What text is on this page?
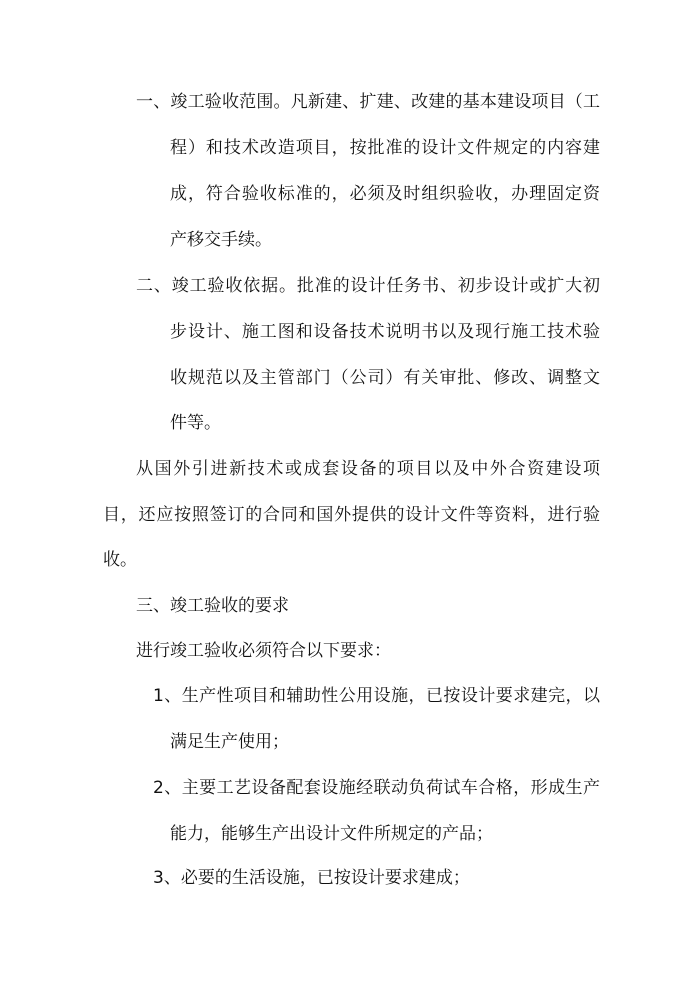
一、竣工验收范围。凡新建、扩建、改建的基本建设项目（工
程）和技术改造项目，按批准的设计文件规定的内容建
成，符合验收标准的，必须及时组织验收，办理固定资
产移交手续。
二、竣工验收依据。批准的设计任务书、初步设计或扩大初
步设计、施工图和设备技术说明书以及现行施工技术验
收规范以及主管部门（公司）有关审批、修改、调整文
件等。
从国外引进新技术或成套设备的项目以及中外合资建设项
目，还应按照签订的合同和国外提供的设计文件等资料，进行验
收。
三、竣工验收的要求
进行竣工验收必须符合以下要求：
1、生产性项目和辅助性公用设施，已按设计要求建完，以
满足生产使用；
2、主要工艺设备配套设施经联动负荷试车合格，形成生产
能力，能够生产出设计文件所规定的产品；
3、必要的生活设施，已按设计要求建成；
